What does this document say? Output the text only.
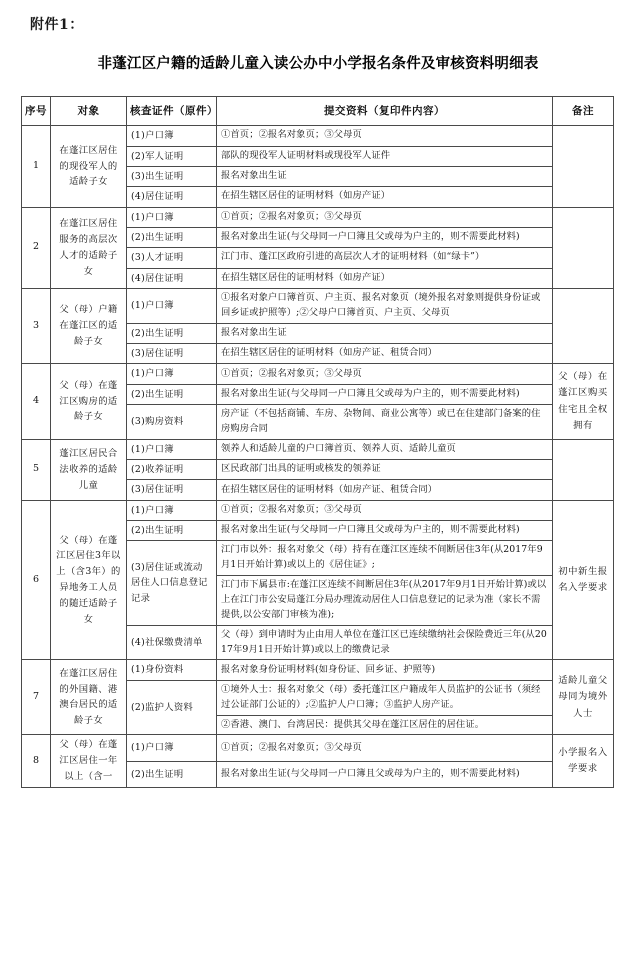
附件1：
非蓬江区户籍的适龄儿童入读公办中小学报名条件及审核资料明细表
序号	对象	核查证件（原件）	提交资料（复印件内容）	备注
1	在蓬江区居住的现役军人的适龄子女	(1)户口簿	①首页；②报名对象页；③父母页	
		(2)军人证明	部队的现役军人证明材料或现役军人证件	
		(3)出生证明	报名对象出生证	
		(4)居住证明	在招生辖区居住的证明材料（如房产证）	
2	在蓬江区居住服务的高层次人才的适龄子女	(1)户口簿	①首页；②报名对象页；③父母页	
		(2)出生证明	报名对象出生证(与父母同一户口簿且父或母为户主的，则不需要此材料)	
		(3)人才证明	江门市、蓬江区政府引进的高层次人才的证明材料（如“绿卡”）	
		(4)居住证明	在招生辖区居住的证明材料（如房产证）	
3	父（母）户籍在蓬江区的适龄子女	(1)户口簿	①报名对象户口簿首页、户主页、报名对象页（境外报名对象则提供身份证或回乡证或护照等）;②父母户口簿首页、户主页、父母页	
		(2)出生证明	报名对象出生证	
		(3)居住证明	在招生辖区居住的证明材料（如房产证、租赁合同）	
4	父（母）在蓬江区购房的适龄子女	(1)户口簿	①首页；②报名对象页；③父母页	父（母）在蓬江区购买住宅且全权拥有
		(2)出生证明	报名对象出生证(与父母同一户口簿且父或母为户主的，则不需要此材料)	
		(3)购房资料	房产证（不包括商铺、车房、杂物间、商业公寓等）或已在住建部门备案的住房购房合同	
5	蓬江区居民合法收养的适龄儿童	(1)户口簿	领养人和适龄儿童的户口簿首页、领养人页、适龄儿童页	
		(2)收养证明	区民政部门出具的证明或核发的领养证	
		(3)居住证明	在招生辖区居住的证明材料（如房产证、租赁合同）	
6	父（母）在蓬江区居住3年以上（含3年）的异地务工人员的随迁适龄子女	(1)户口簿	①首页；②报名对象页；③父母页	初中新生报名入学要求
		(2)出生证明	报名对象出生证(与父母同一户口簿且父或母为户主的，则不需要此材料)	
		(3)居住证或流动居住人口信息登记记录	江门市以外：报名对象父（母）持有在蓬江区连续不间断居住3年(从2017年9月1日开始计算)或以上的《居住证》;	
			江门市下属县市:在蓬江区连续不间断居住3年(从2017年9月1日开始计算)或以上在江门市公安局蓬江分局办理流动居住人口信息登记的记录为准（家长不需提供,以公安部门审核为准);	
		(4)社保缴费清单	父（母）到申请时为止由用人单位在蓬江区已连续缴纳社会保险费近三年(从2017年9月1日开始计算)或以上的缴费记录	
7	在蓬江区居住的外国籍、港澳台居民的适龄子女	(1)身份资料	报名对象身份证明材料(如身份证、回乡证、护照等)	适龄儿童父母同为境外人士
		(2)监护人资料	①境外人士：报名对象父（母）委托蓬江区户籍成年人员监护的公证书（须经过公证部门公证的）;②监护人户口簿；③监护人房产证。	
			②香港、澳门、台湾居民：提供其父母在蓬江区居住的居住证。	
8	父（母）在蓬江区居住一年以上（含一	(1)户口簿	①首页；②报名对象页；③父母页	小学报名入学要求
		(2)出生证明	报名对象出生证(与父母同一户口簿且父或母为户主的，则不需要此材料)	
